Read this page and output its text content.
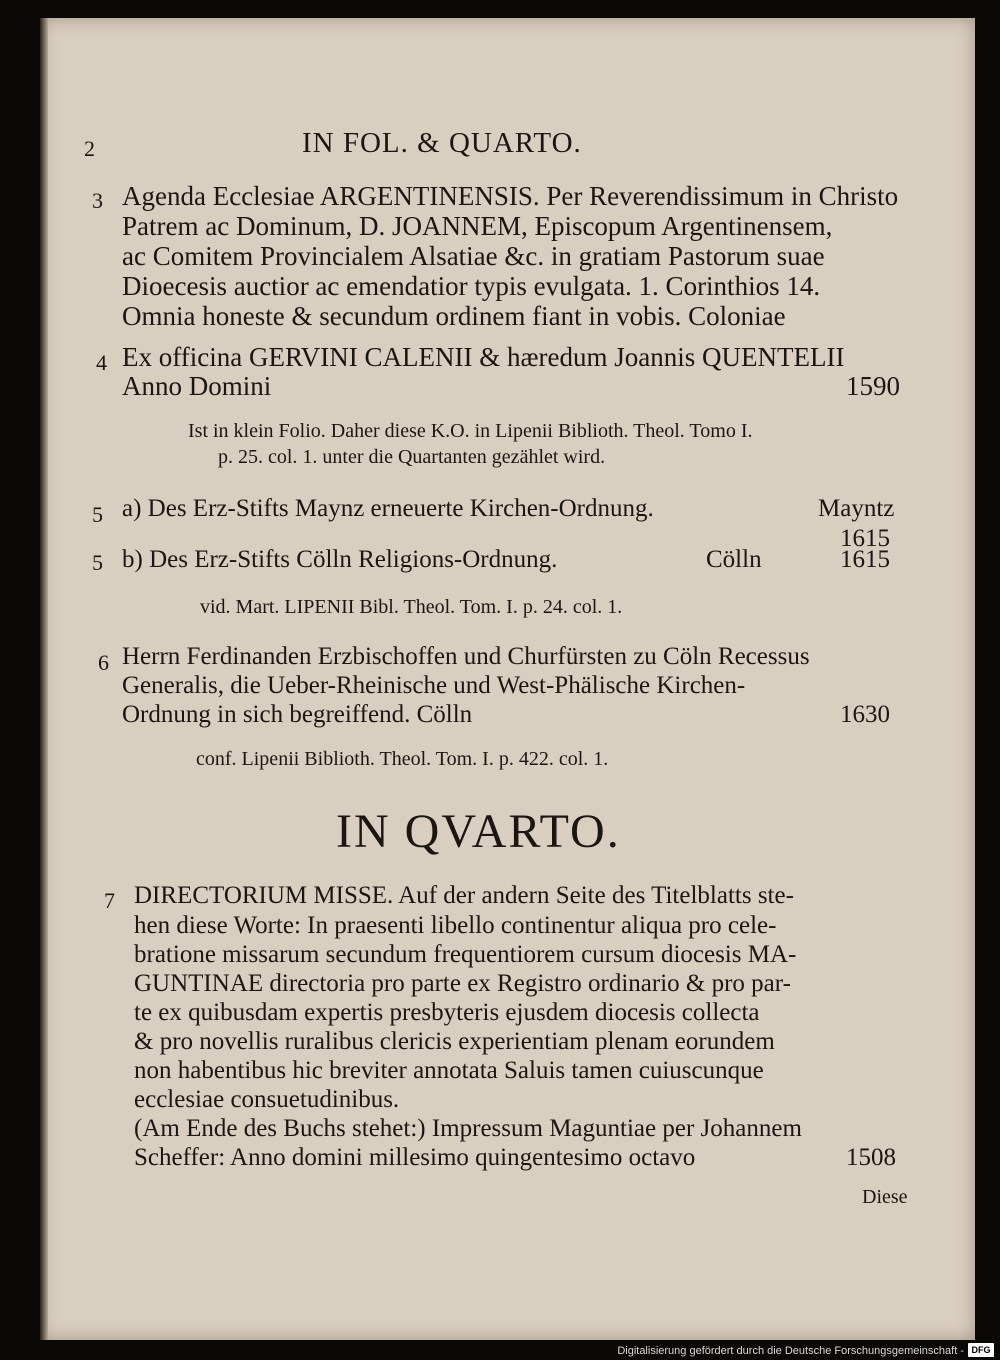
2	IN FOL. & QUARTO.
3 Agenda Ecclesiae ARGENTINENSIS. Per Reverendissimum in Christo
Patrem ac Dominum, D. JOANNEM, Episcopum Argentinensem,
ac Comitem Provincialem Alsatiae &c. in gratiam Pastorum suae
Dioecesis auctior ac emendatior typis evulgata. 1. Corinthios 14.
Omnia honeste & secundum ordinem fiant in vobis. Coloniae
4 Ex officina GERVINI CALENII & hæredum Joannis QUENTELII
Anno Domini	1590
Ist in klein Folio. Daher diese K.O. in Lipenii Biblioth. Theol. Tomo I.
p. 25. col. 1. unter die Quartanten gezählet wird.
5 a) Des Erz-Stifts Maynz erneuerte Kirchen-Ordnung.	Mayntz
1615
5 b) Des Erz-Stifts Cölln Religions-Ordnung.	Cölln	1615
vid. Mart. LIPENII Bibl. Theol. Tom. I. p. 24. col. 1.
6 Herrn Ferdinanden Erzbischoffen und Churfürsten zu Cöln Recessus
Generalis, die Ueber-Rheinische und West-Phälische Kirchen-
Ordnung in sich begreiffend. Cölln	1630
conf. Lipenii Biblioth. Theol. Tom. I. p. 422. col. 1.
IN QVARTO.
7 DIRECTORIUM MISSE. Auf der andern Seite des Titelblatts ste-
hen diese Worte: In praesenti libello continentur aliqua pro cele-
bratione missarum secundum frequentiorem cursum diocesis MA-
GUNTINAE directoria pro parte ex Registro ordinario & pro par-
te ex quibusdam expertis presbyteris ejusdem diocesis collecta
& pro novellis ruralibus clericis experientiam plenam eorundem
non habentibus hic breviter annotata Saluis tamen cuiuscunque
ecclesiae consuetudinibus.
(Am Ende des Buchs stehet:) Impressum Maguntiae per Johannem
Scheffer: Anno domini millesimo quingentesimo octavo	1508
Diese
Digitalisierung gefördert durch die Deutsche Forschungsgemeinschaft - DFG
